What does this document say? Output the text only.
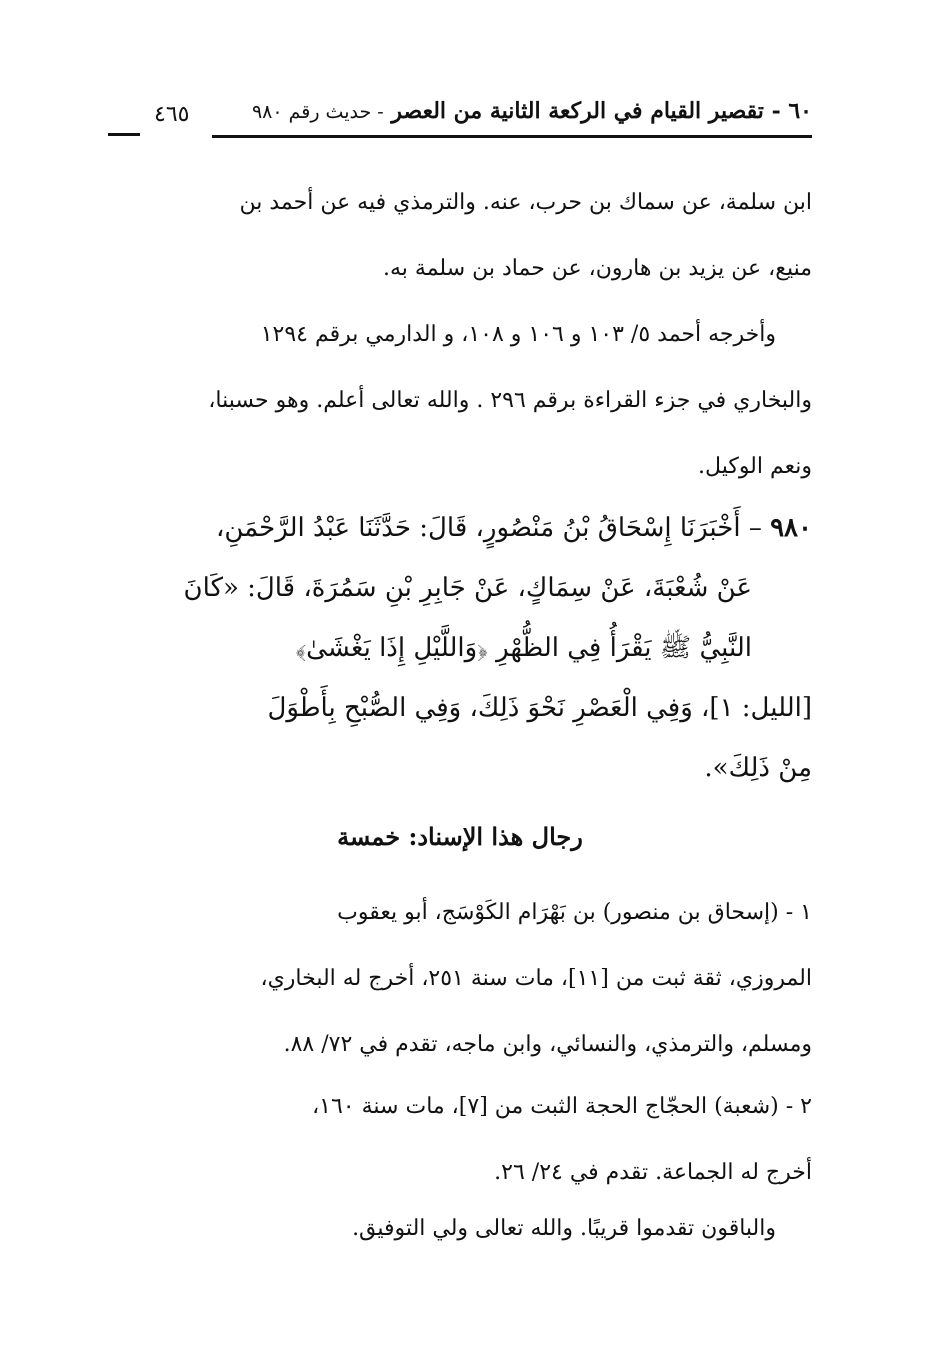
٦٠ - تقصير القيام في الركعة الثانية من العصر - حديث رقم ٩٨٠
٤٦٥

ابن سلمة، عن سماك بن حرب، عنه. والترمذي فيه عن أحمد بن

منيع، عن يزيد بن هارون، عن حماد بن سلمة به.

وأخرجه أحمد ٥/ ١٠٣ و ١٠٦ و ١٠٨، و الدارمي برقم ١٢٩٤

والبخاري في جزء القراءة برقم ٢٩٦ . والله تعالى أعلم. وهو حسبنا،

ونعم الوكيل.

٩٨٠ – أَخْبَرَنَا إِسْحَاقُ بْنُ مَنْصُورٍ، قَالَ: حَدَّثَنَا عَبْدُ الرَّحْمَنِ،

عَنْ شُعْبَةَ، عَنْ سِمَاكٍ، عَنْ جَابِرِ بْنِ سَمُرَةَ، قَالَ: «كَانَ

النَّبِيُّ ﷺ يَقْرَأُ فِي الظُّهْرِ ﴿وَاللَّيْلِ إِذَا يَغْشَىٰ﴾

[الليل: ١]، وَفِي الْعَصْرِ نَحْوَ ذَلِكَ، وَفِي الصُّبْحِ بِأَطْوَلَ

مِنْ ذَلِكَ».

رجال هذا الإسناد: خمسة

١ - (إسحاق بن منصور) بن بَهْرَام الكَوْسَج، أبو يعقوب

المروزي، ثقة ثبت من [١١]، مات سنة ٢٥١، أخرج له البخاري،

ومسلم، والترمذي، والنسائي، وابن ماجه، تقدم في ٧٢/ ٨٨.

٢ - (شعبة) الحجّاج الحجة الثبت من [٧]، مات سنة ١٦٠،

أخرج له الجماعة. تقدم في ٢٤/ ٢٦.

والباقون تقدموا قريبًا. والله تعالى ولي التوفيق.
